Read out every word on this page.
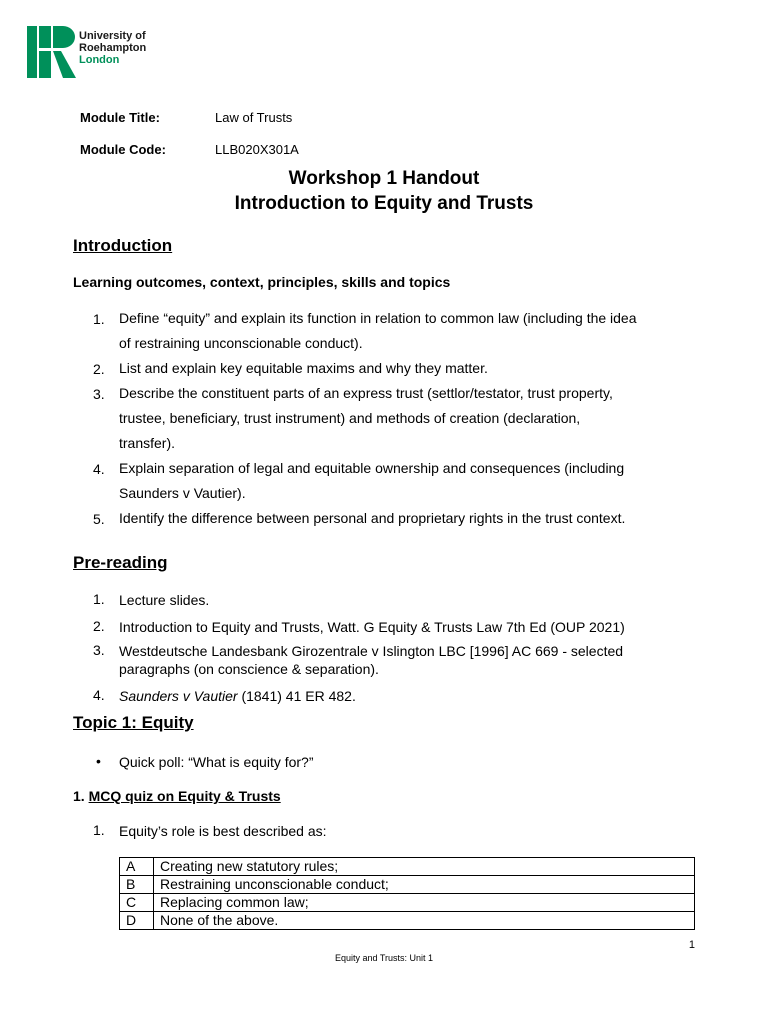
University of
Roehampton
London
Module Title:	Law of Trusts
Module Code:	LLB020X301A
Workshop 1 Handout
Introduction to Equity and Trusts
Introduction
Learning outcomes, context, principles, skills and topics
1.	Define “equity” and explain its function in relation to common law (including the idea
of restraining unconscionable conduct).
2.	List and explain key equitable maxims and why they matter.
3.	Describe the constituent parts of an express trust (settlor/testator, trust property,
trustee, beneficiary, trust instrument) and methods of creation (declaration,
transfer).
4.	Explain separation of legal and equitable ownership and consequences (including
Saunders v Vautier).
5.	Identify the difference between personal and proprietary rights in the trust context.
Pre-reading
1.	Lecture slides.
2.	Introduction to Equity and Trusts, Watt. G Equity & Trusts Law 7th Ed (OUP 2021)
3.	Westdeutsche Landesbank Girozentrale v Islington LBC [1996] AC 669 - selected
paragraphs (on conscience & separation).
4.	Saunders v Vautier (1841) 41 ER 482.
Topic 1: Equity
• Quick poll: “What is equity for?”
1. MCQ quiz on Equity & Trusts
1.	Equity’s role is best described as:
A	Creating new statutory rules;
B	Restraining unconscionable conduct;
C	Replacing common law;
D	None of the above.
1
Equity and Trusts: Unit 1
